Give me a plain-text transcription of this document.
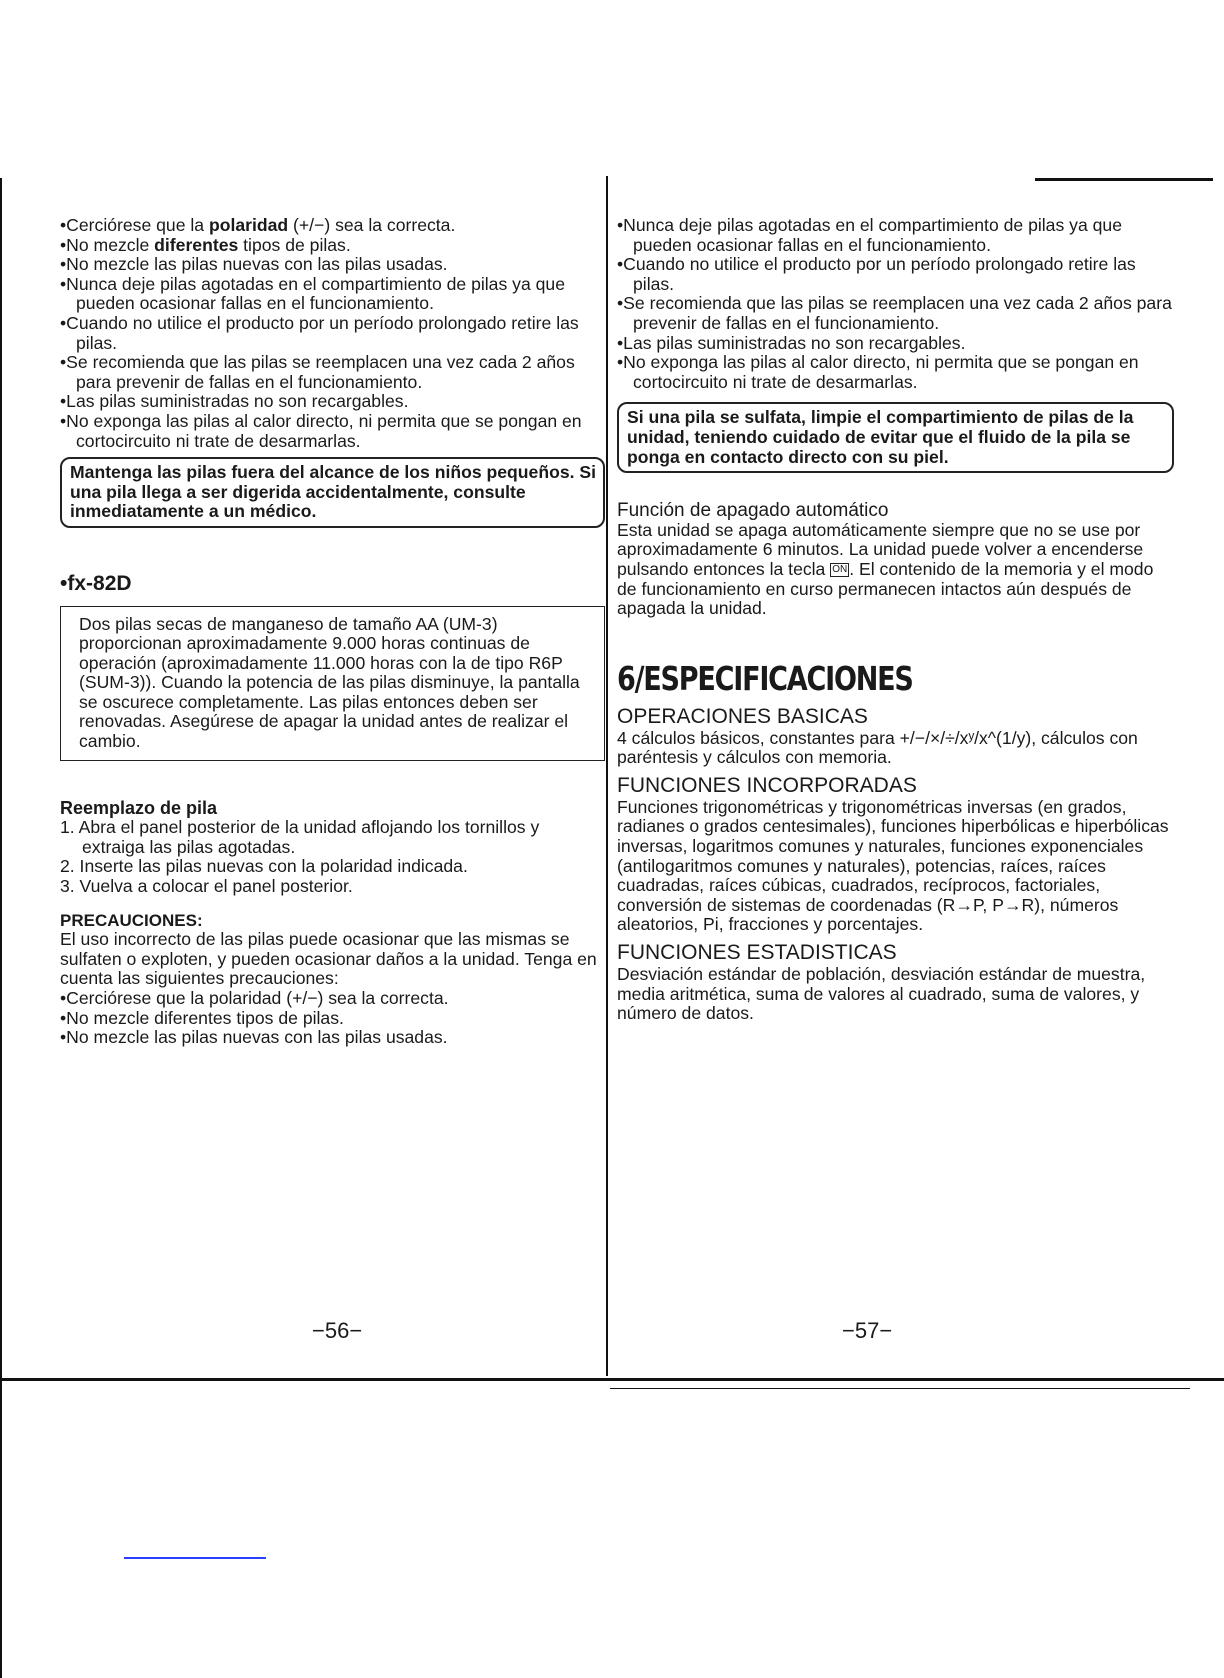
•Cerciórese que la polaridad (+/−) sea la correcta.

•No mezcle diferentes tipos de pilas.

•No mezcle las pilas nuevas con las pilas usadas.

•Nunca deje pilas agotadas en el compartimiento de pilas ya que pueden ocasionar fallas en el funcionamiento.

•Cuando no utilice el producto por un período prolongado retire las pilas.

•Se recomienda que las pilas se reemplacen una vez cada 2 años para prevenir de fallas en el funcionamiento.

•Las pilas suministradas no son recargables.

•No exponga las pilas al calor directo, ni permita que se pongan en cortocircuito ni trate de desarmarlas.

Mantenga las pilas fuera del alcance de los niños pequeños. Si una pila llega a ser digerida accidentalmente, consulte inmediatamente a un médico.
•fx-82D
Dos pilas secas de manganeso de tamaño AA (UM-3) proporcionan aproximadamente 9.000 horas continuas de operación (aproximadamente 11.000 horas con la de tipo R6P (SUM-3)). Cuando la potencia de las pilas disminuye, la pantalla se oscurece completamente. Las pilas entonces deben ser renovadas. Asegúrese de apagar la unidad antes de realizar el cambio.
Reemplazo de pila

1. Abra el panel posterior de la unidad aflojando los tornillos y extraiga las pilas agotadas.

2. Inserte las pilas nuevas con la polaridad indicada.

3. Vuelva a colocar el panel posterior.

PRECAUCIONES:

El uso incorrecto de las pilas puede ocasionar que las mismas se sulfaten o exploten, y pueden ocasionar daños a la unidad. Tenga en cuenta las siguientes precauciones:

•Cerciórese que la polaridad (+/−) sea la correcta.

•No mezcle diferentes tipos de pilas.

•No mezcle las pilas nuevas con las pilas usadas.

−56−

•Nunca deje pilas agotadas en el compartimiento de pilas ya que pueden ocasionar fallas en el funcionamiento.

•Cuando no utilice el producto por un período prolongado retire las pilas.

•Se recomienda que las pilas se reemplacen una vez cada 2 años para prevenir de fallas en el funcionamiento.

•Las pilas suministradas no son recargables.

•No exponga las pilas al calor directo, ni permita que se pongan en cortocircuito ni trate de desarmarlas.

Si una pila se sulfata, limpie el compartimiento de pilas de la unidad, teniendo cuidado de evitar que el fluido de la pila se ponga en contacto directo con su piel.
Función de apagado automático

Esta unidad se apaga automáticamente siempre que no se use por aproximadamente 6 minutos. La unidad puede volver a encenderse pulsando entonces la tecla ON . El contenido de la memoria y el modo de funcionamiento en curso permanecen intactos aún después de apagada la unidad.

6/ESPECIFICACIONES
OPERACIONES BASICAS

4 cálculos básicos, constantes para +/−/×/÷/xʸ/x^(1/y), cálculos con paréntesis y cálculos con memoria.

FUNCIONES INCORPORADAS

Funciones trigonométricas y trigonométricas inversas (en grados, radianes o grados centesimales), funciones hiperbólicas e hiperbólicas inversas, logaritmos comunes y naturales, funciones exponenciales (antilogaritmos comunes y naturales), potencias, raíces, raíces cuadradas, raíces cúbicas, cuadrados, recíprocos, factoriales, conversión de sistemas de coordenadas (R→P, P→R), números aleatorios, Pi, fracciones y porcentajes.

FUNCIONES ESTADISTICAS

Desviación estándar de población, desviación estándar de muestra, media aritmética, suma de valores al cuadrado, suma de valores, y número de datos.

−57−
